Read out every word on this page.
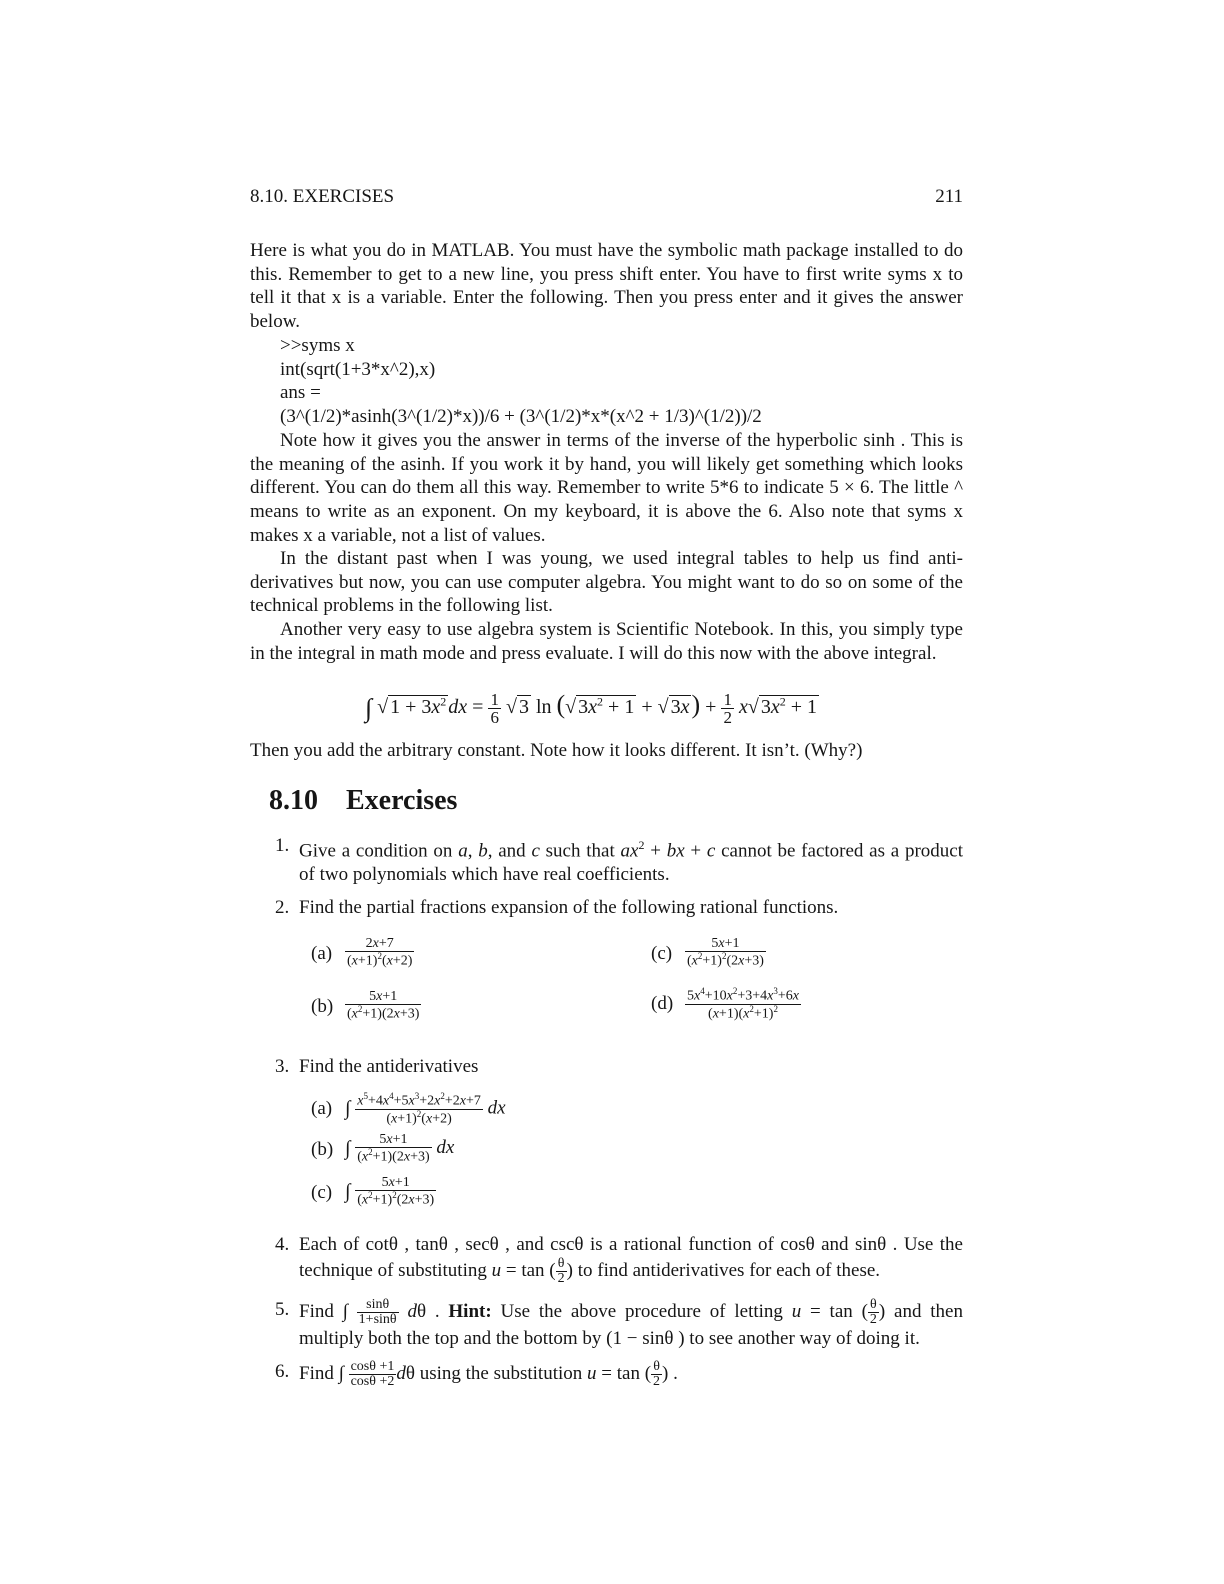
8.10. EXERCISES	211
Here is what you do in MATLAB. You must have the symbolic math package installed to do this. Remember to get to a new line, you press shift enter. You have to first write syms x to tell it that x is a variable. Enter the following. Then you press enter and it gives the answer below.
>>syms x
int(sqrt(1+3*x^2),x)
ans =
(3^(1/2)*asinh(3^(1/2)*x))/6 + (3^(1/2)*x*(x^2 + 1/3)^(1/2))/2
Note how it gives you the answer in terms of the inverse of the hyperbolic sinh . This is the meaning of the asinh. If you work it by hand, you will likely get something which looks different. You can do them all this way. Remember to write 5*6 to indicate 5 × 6. The little ^ means to write as an exponent. On my keyboard, it is above the 6. Also note that syms x makes x a variable, not a list of values.
In the distant past when I was young, we used integral tables to help us find anti-derivatives but now, you can use computer algebra. You might want to do so on some of the technical problems in the following list.
Another very easy to use algebra system is Scientific Notebook. In this, you simply type in the integral in math mode and press evaluate. I will do this now with the above integral.
∫ √ $1 + 3x^2$ dx = $\frac{1}{6}$ √ 3 ln (√ $3x^2 + 1$ + √ $3x) + \frac{1}{2} x√$ $3x^2 + 1$
Then you add the arbitrary constant. Note how it looks different. It isn’t. (Why?)
8.10 Exercises
1. Give a condition on a, b, and c such that $ax^2$ + bx + c cannot be factored as a product of two polynomials which have real coefficients.
2. Find the partial fractions expansion of the following rational functions.
$(a) \frac{2x+7}{(x+1)^2(x+2)}$	$(c) \frac{5x+1}{(x^2+1)^2(2x+3)}$
$(b) \frac{5x+1}{(x^2+1)(2x+3)}$	$(d) \frac{5x^4+10x^2+3+4x^3+6x}{(x+1)(x^2+1)^2}$
3. Find the antiderivatives
(a) ∫ $\frac{x^5+4x^4+5x^3+2x^2+2x+7}{(x+1)^2(x+2)}$ dx
(b) ∫ $\frac{5x+1}{(x^2+1)(2x+3)}$ dx
(c) ∫ $\frac{5x+1}{(x^2+1)^2(2x+3)}$
4. Each of cotθ , tanθ , secθ , and cscθ is a rational function of cosθ and sinθ . Use the technique of substituting u = tan ( $\frac{\theta}{2}$ ) to find antiderivatives for each of these.
5. Find ∫ $\frac{\sin\theta}{1+\sin\theta}$ dθ . Hint: Use the above procedure of letting u = tan ( $\frac{\theta}{2}$ ) and then multiply both the top and the bottom by (1 − sinθ ) to see another way of doing it.
6. Find ∫ $\frac{\cos\theta +1}{\cos\theta +2}$ dθ using the substitution u = tan ( $\frac{\theta}{2}$ ) .
